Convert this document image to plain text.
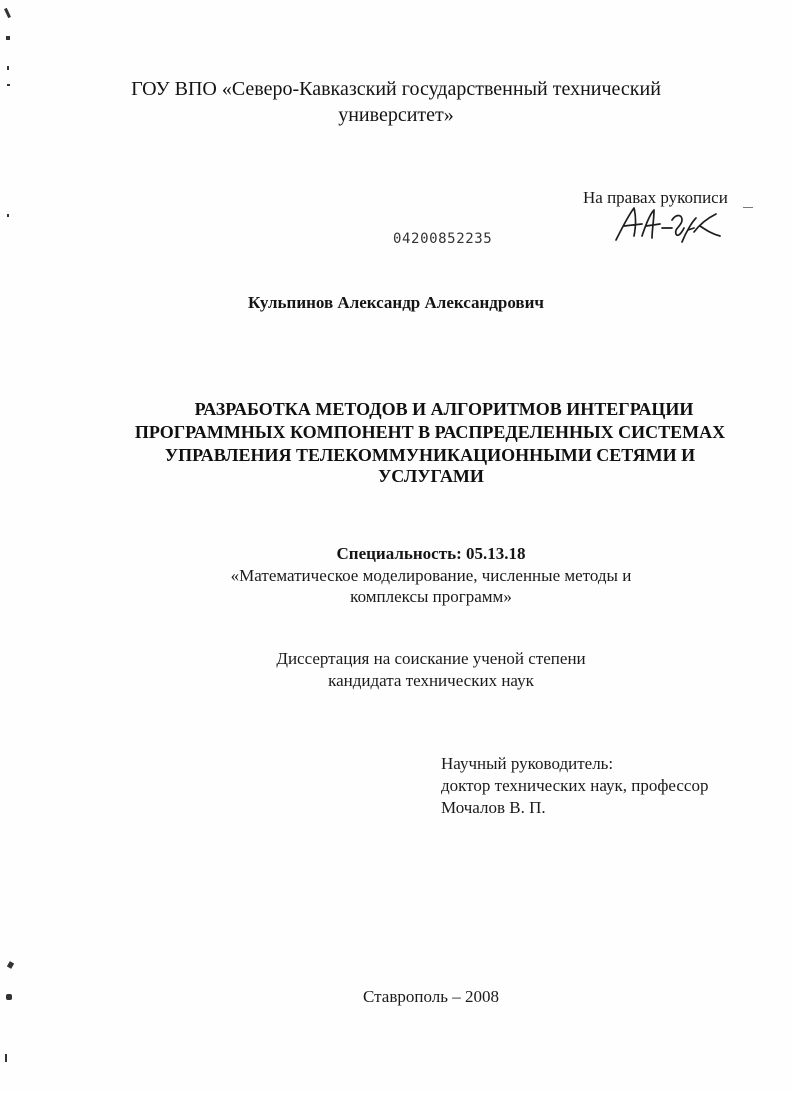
ГОУ ВПО «Северо-Кавказский государственный технический
университет»
На правах рукописи
04200852235
Кульпинов Александр Александрович
РАЗРАБОТКА МЕТОДОВ И АЛГОРИТМОВ ИНТЕГРАЦИИ
ПРОГРАММНЫХ КОМПОНЕНТ В РАСПРЕДЕЛЕННЫХ СИСТЕМАХ
УПРАВЛЕНИЯ ТЕЛЕКОММУНИКАЦИОННЫМИ СЕТЯМИ И
УСЛУГАМИ
Специальность: 05.13.18
«Математическое моделирование, численные методы и
комплексы программ»
Диссертация на соискание ученой степени
кандидата технических наук
Научный руководитель:
доктор технических наук, профессор
Мочалов В. П.
Ставрополь – 2008
